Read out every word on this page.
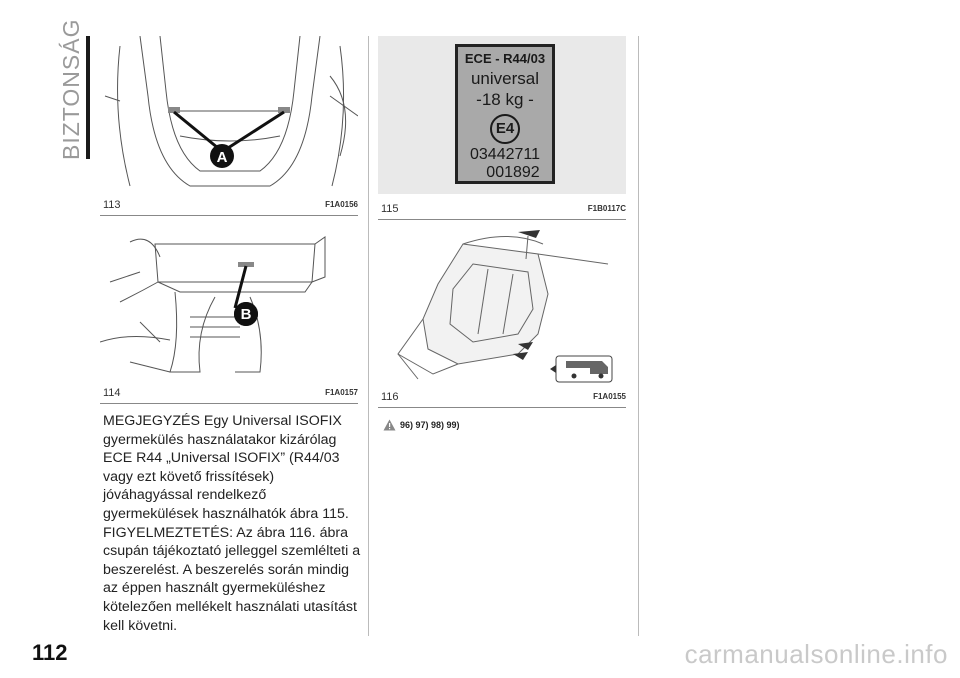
BIZTONSÁG	A
113	F1A0156
B
114	F1A0157

MEGJEGYZÉS Egy Universal ISOFIX gyermekülés használatakor kizárólag ECE R44 „Universal ISOFIX” (R44/03 vagy ezt követő frissítések) jóváhagyással rendelkező gyermekülések használhatók ábra 115. FIGYELMEZTETÉS: Az ábra 116. ábra csupán tájékoztató jelleggel szemlélteti a beszerelést. A beszerelés során mindig az éppen használt gyermeküléshez kötelezően mellékelt használati utasítást kell követni.

ECE - R44/03
universal
-18 kg -
E4
03442711
001892
115	F1B0117C
116	F1A0155
96) 97) 98) 99)
112	carmanualsonline.info
